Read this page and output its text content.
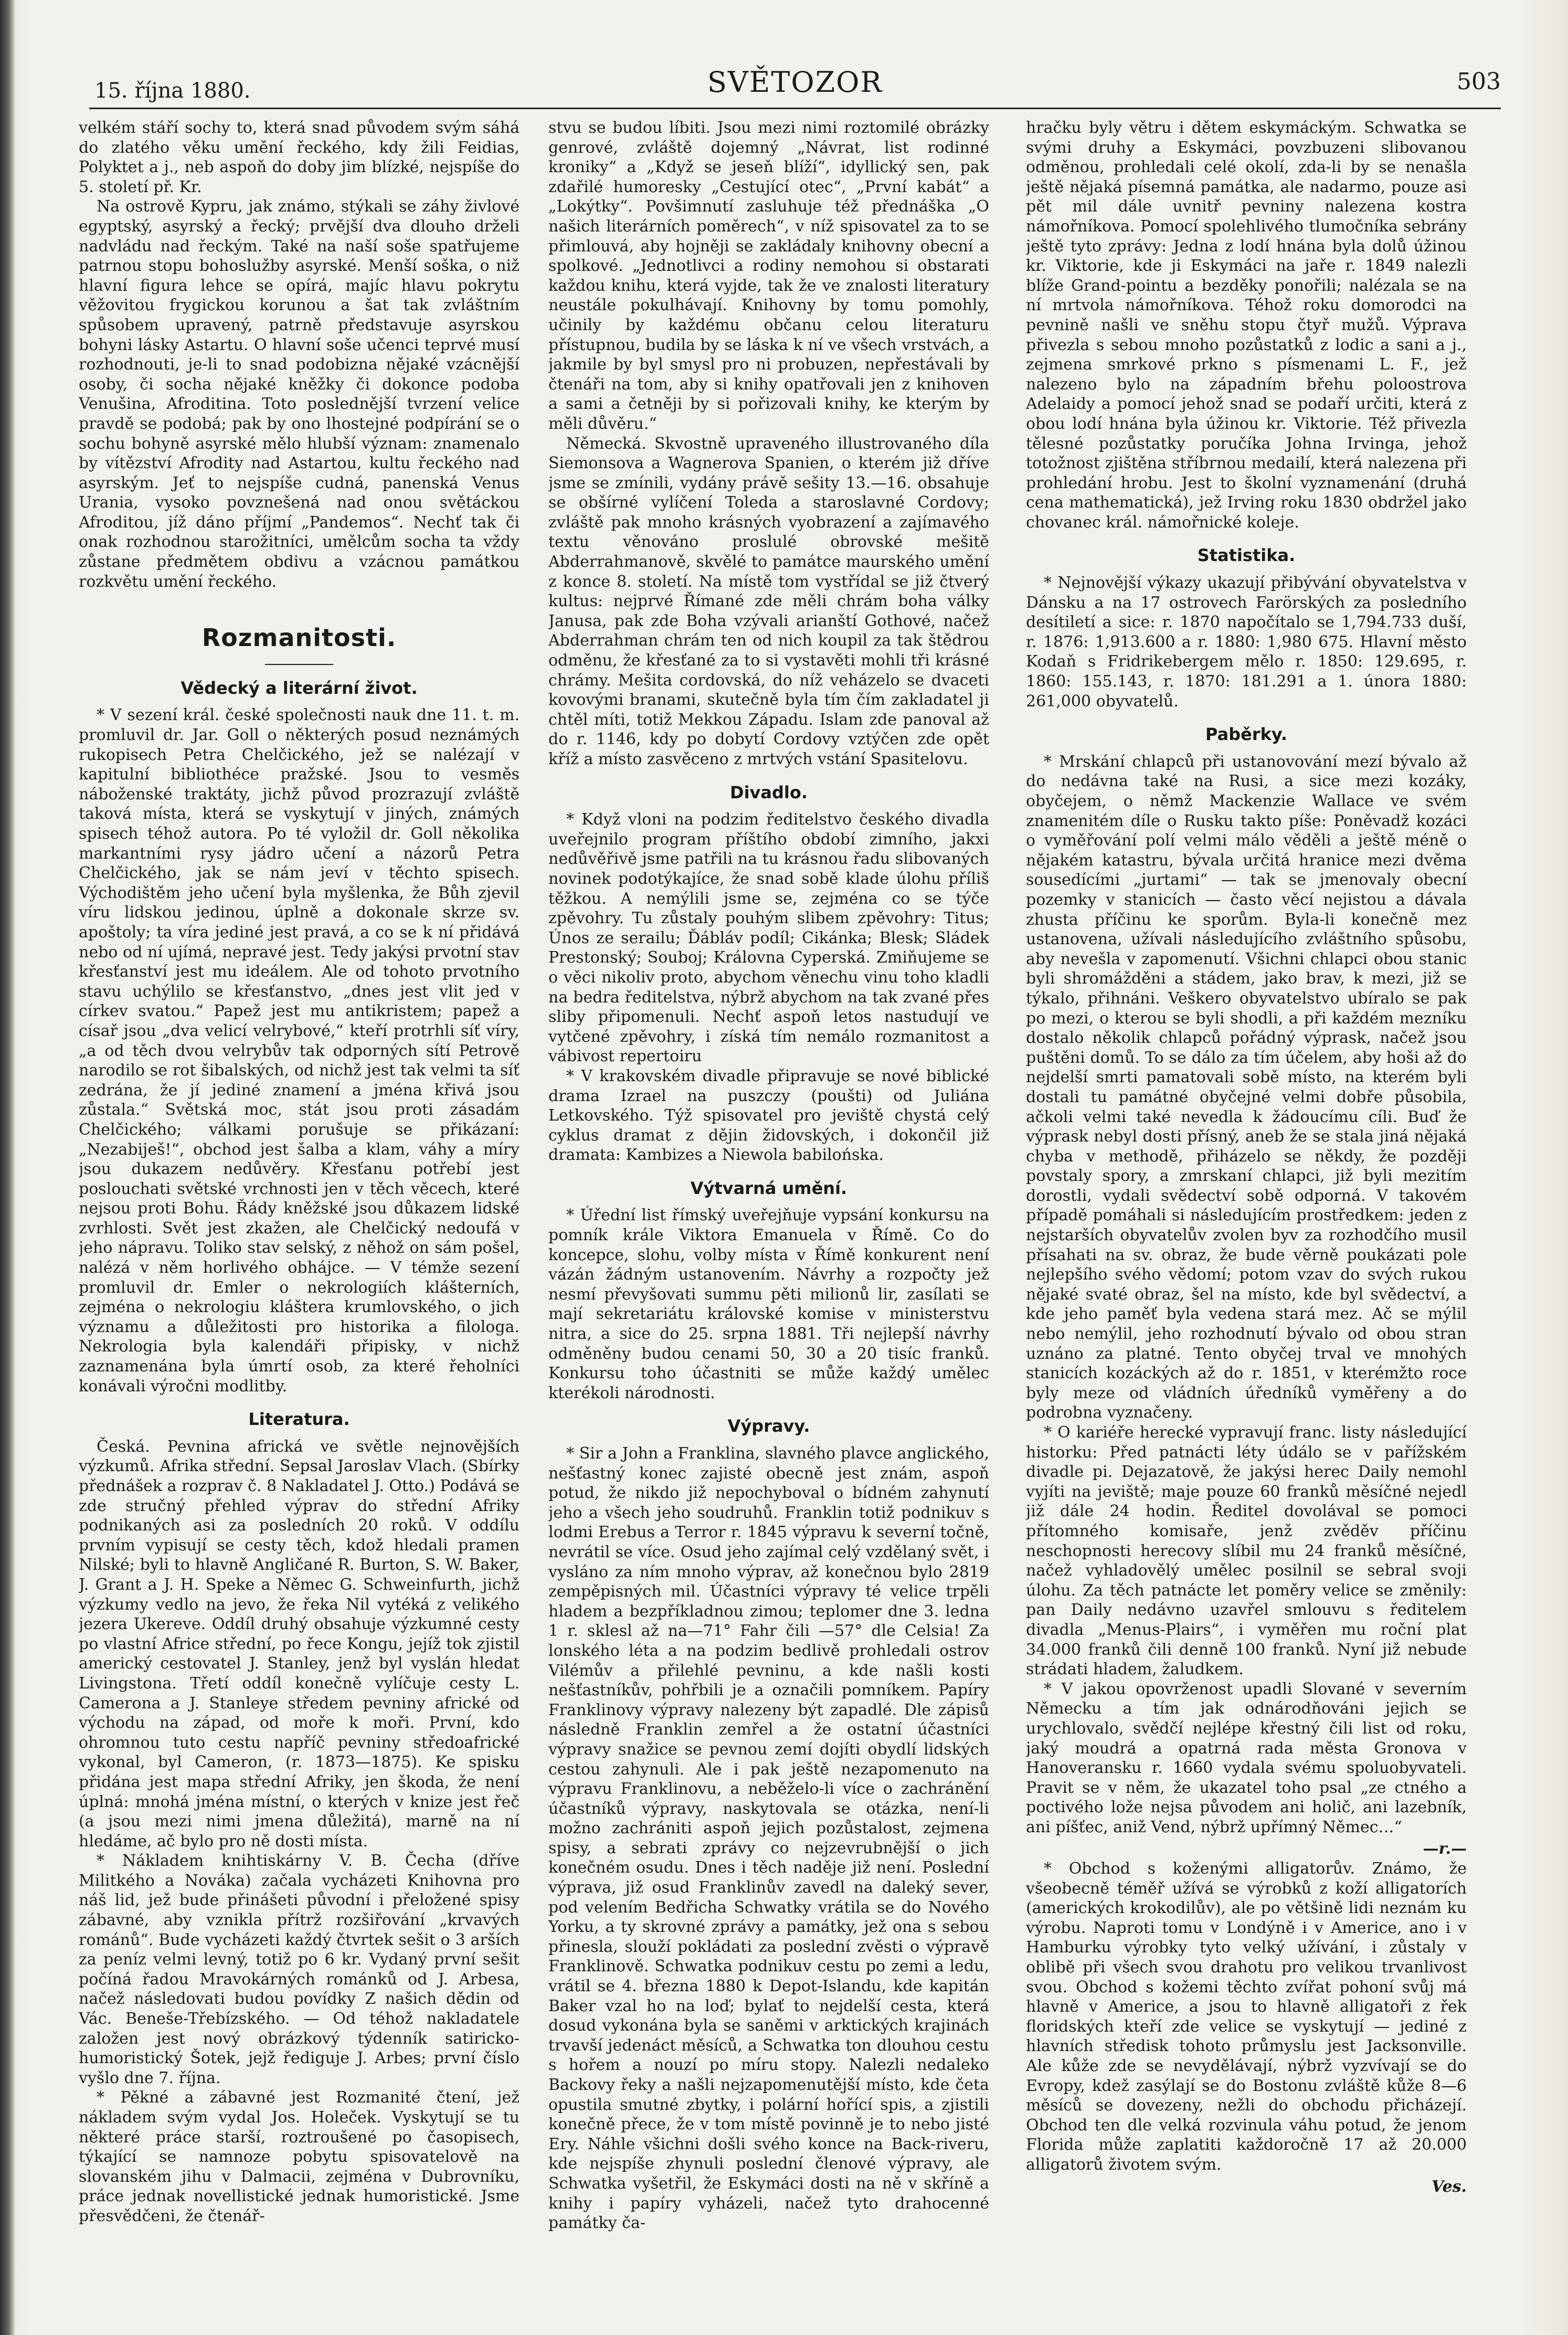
15. října 1880.	SVĚTOZOR	503

velkém stáří sochy to, která snad původem svým sáhá do zlatého věku umění řeckého, kdy žili Feidias, Polyktet a j., neb aspoň do doby jim blízké, nejspíše do 5. století př. Kr.

Na ostrově Kypru, jak známo, stýkali se záhy živlové egyptský, asyrský a řecký; prvější dva dlouho drželi nadvládu nad řeckým. Také na naší soše spatřujeme patrnou stopu bohoslužby asyrské. Menší soška, o niž hlavní figura lehce se opírá, majíc hlavu pokrytu věžovitou frygickou korunou a šat tak zvláštním spůsobem upravený, patrně představuje asyrskou bohyni lásky Astartu. O hlavní soše učenci teprvé musí rozhodnouti, je-li to snad podobizna nějaké vzácnější osoby, či socha nějaké kněžky či dokonce podoba Venušina, Afroditina. Toto poslednější tvrzení velice pravdě se podobá; pak by ono lhostejné podpírání se o sochu bohyně asyrské mělo hlubší význam: znamenalo by vítězství Afrodity nad Astartou, kultu řeckého nad asyrským. Jeť to nejspíše cudná, panenská Venus Urania, vysoko povznešená nad onou světáckou Afroditou, jíž dáno příjmí „Pandemos“. Nechť tak či onak rozhodnou starožitníci, umělcům socha ta vždy zůstane předmětem obdivu a vzácnou památkou rozkvětu umění řeckého.

Rozmanitosti.
Vědecký a literární život.

* V sezení král. české společnosti nauk dne 11. t. m. promluvil dr. Jar. Goll o některých posud neznámých rukopisech Petra Chelčického, jež se nalézají v kapitulní bibliothéce pražské. Jsou to vesměs náboženské traktáty, jichž původ prozrazují zvláště taková místa, která se vyskytují v jiných, známých spisech téhož autora. Po té vyložil dr. Goll několika markantními rysy jádro učení a názorů Petra Chelčického, jak se nám jeví v těchto spisech. Východištěm jeho učení byla myšlenka, že Bůh zjevil víru lidskou jedinou, úplně a dokonale skrze sv. apoštoly; ta víra jediné jest pravá, a co se k ní přidává nebo od ní ujímá, nepravé jest. Tedy jakýsi prvotní stav křesťanství jest mu ideálem. Ale od tohoto prvotního stavu uchýlilo se křesťanstvo, „dnes jest vlit jed v církev svatou.“ Papež jest mu antikristem; papež a císař jsou „dva velicí velrybové,“ kteří protrhli síť víry, „a od těch dvou velrybův tak odporných sítí Petrově narodilo se rot šibalských, od nichž jest tak velmi ta síť zedrána, že jí jediné znamení a jména křivá jsou zůstala.“ Světská moc, stát jsou proti zásadám Chelčického; válkami porušuje se přikázaní: „Nezabiješ!“, obchod jest šalba a klam, váhy a míry jsou dukazem nedůvěry. Křesťanu potřebí jest poslouchati světské vrchnosti jen v těch věcech, které nejsou proti Bohu. Řády kněžské jsou důkazem lidské zvrhlosti. Svět jest zkažen, ale Chelčický nedoufá v jeho nápravu. Toliko stav selský, z něhož on sám pošel, nalézá v něm horlivého obhájce. — V témže sezení promluvil dr. Emler o nekrologiích klášterních, zejména o nekrologiu kláštera krumlovského, o jich významu a důležitosti pro historika a filologa. Nekrologia byla kalendáři připisky, v nichž zaznamenána byla úmrtí osob, za které řeholníci konávali výročni modlitby.

Literatura.

Česká. Pevnina africká ve světle nejnovějších výzkumů. Afrika střední. Sepsal Jaroslav Vlach. (Sbírky přednášek a rozprav č. 8 Nakladatel J. Otto.) Podává se zde stručný přehled výprav do střední Afriky podnikaných asi za posledních 20 roků. V oddílu prvním vypisují se cesty těch, kdož hledali pramen Nilské; byli to hlavně Angličané R. Burton, S. W. Baker, J. Grant a J. H. Speke a Němec G. Schweinfurth, jichž výzkumy vedlo na jevo, že řeka Nil vytéká z velikého jezera Ukereve. Oddíl druhý obsahuje výzkumné cesty po vlastní Africe střední, po řece Kongu, jejíž tok zjistil americký cestovatel J. Stanley, jenž byl vyslán hledat Livingstona. Třetí oddíl konečně vylíčuje cesty L. Camerona a J. Stanleye středem pevniny africké od východu na západ, od moře k moři. První, kdo ohromnou tuto cestu napříč pevniny středoafrické vykonal, byl Cameron, (r. 1873—1875). Ke spisku přidána jest mapa střední Afriky, jen škoda, že není úplná: mnohá jména místní, o kterých v knize jest řeč (a jsou mezi nimi jmena důležitá), marně na ní hledáme, ač bylo pro ně dosti místa.

* Nákladem knihtiskárny V. B. Čecha (dříve Militkého a Nováka) začala vycházeti Knihovna pro náš lid, jež bude přinášeti původní i přeložené spisy zábavné, aby vznikla přítrž rozšiřování „krvavých románů“. Bude vycházeti každý čtvrtek sešit o 3 arších za peníz velmi levný, totiž po 6 kr. Vydaný první sešit počíná řadou Mravokárných románků od J. Arbesa, načež následovati budou povídky Z našich dědin od Vác. Beneše-Třebízského. — Od téhož nakladatele založen jest nový obrázkový týdenník satiricko-humoristický Šotek, jejž řediguje J. Arbes; první číslo vyšlo dne 7. října.

* Pěkné a zábavné jest Rozmanité čtení, jež nákladem svým vydal Jos. Holeček. Vyskytují se tu některé práce starší, roztroušené po časopisech, týkající se namnoze pobytu spisovatelově na slovanském jihu v Dalmacii, zejména v Dubrovníku, práce jednak novellistické jednak humoristické. Jsme přesvědčeni, že čtenář-

stvu se budou líbiti. Jsou mezi nimi roztomilé obrázky genrové, zvláště dojemný „Návrat, list rodinné kroniky“ a „Když se jeseň blíží“, idyllický sen, pak zdařilé humoresky „Cestující otec“, „První kabát“ a „Lokýtky“. Povšimnutí zasluhuje též přednáška „O našich literárních poměrech“, v níž spisovatel za to se přimlouvá, aby hojněji se zakládaly knihovny obecní a spolkové. „Jednotlivci a rodiny nemohou si obstarati každou knihu, která vyjde, tak že ve znalosti literatury neustále pokulhávají. Knihovny by tomu pomohly, učinily by každému občanu celou literaturu přístupnou, budila by se láska k ní ve všech vrstvách, a jakmile by byl smysl pro ni probuzen, nepřestávali by čtenáři na tom, aby si knihy opatřovali jen z knihoven a sami a četněji by si pořizovali knihy, ke kterým by měli důvěru.“

Německá. Skvostně upraveného illustrovaného díla Siemonsova a Wagnerova Spanien, o kterém již dříve jsme se zmínili, vydány právě sešity 13.—16. obsahuje se obšírné vylíčení Toleda a staroslavné Cordovy; zvláště pak mnoho krásných vyobrazení a zajímavého textu věnováno proslulé obrovské mešitě Abderrahmanově, skvělé to památce maurského umění z konce 8. století. Na místě tom vystřídal se již čtverý kultus: nejprvé Římané zde měli chrám boha války Janusa, pak zde Boha vzývali arianští Gothové, načež Abderrahman chrám ten od nich koupil za tak štědrou odměnu, že křesťané za to si vystavěti mohli tři krásné chrámy. Mešita cordovská, do níž veházelo se dvaceti kovovými branami, skutečně byla tím čím zakladatel ji chtěl míti, totiž Mekkou Západu. Islam zde panoval až do r. 1146, kdy po dobytí Cordovy vztýčen zde opět kříž a místo zasvěceno z mrtvých vstání Spasitelovu.

Divadlo.

* Když vloni na podzim ředitelstvo českého divadla uveřejnilo program příštího období zimního, jakxi nedůvěřivě jsme patřili na tu krásnou řadu slibovaných novinek podotýkajíce, že snad sobě klade úlohu příliš těžkou. A nemýlili jsme se, zejména co se týče zpěvohry. Tu zůstaly pouhým slibem zpěvohry: Titus; Únos ze serailu; Ďábláv podíl; Cikánka; Blesk; Sládek Prestonský; Souboj; Královna Cyperská. Zmiňujeme se o věci nikoliv proto, abychom věnechu vinu toho kladli na bedra ředitelstva, nýbrž abychom na tak zvané přes sliby připomenuli. Nechť aspoň letos nastudují ve vytčené zpěvohry, i získá tím nemálo rozmanitost a vábivost repertoiru

* V krakovském divadle připravuje se nové biblické drama Izrael na puszczy (poušti) od Juliána Letkovského. Týž spisovatel pro jeviště chystá celý cyklus dramat z dějin židovských, i dokončil již dramata: Kambizes a Niewola babilońska.

Výtvarná umění.

* Úřední list římský uveřejňuje vypsání konkursu na pomník krále Viktora Emanuela v Římě. Co do koncepce, slohu, volby místa v Římě konkurent není vázán žádným ustanovením. Návrhy a rozpočty jež nesmí převyšovati summu pěti milionů lir, zasílati se mají sekretariátu královské komise v ministerstvu nitra, a sice do 25. srpna 1881. Tři nejlepší návrhy odměněny budou cenami 50, 30 a 20 tisíc franků. Konkursu toho účastniti se může každý umělec kterékoli národnosti.

Výpravy.

* Sir a John a Franklina, slavného plavce anglického, nešťastný konec zajisté obecně jest znám, aspoň potud, že nikdo již nepochyboval o bídném zahynutí jeho a všech jeho soudruhů. Franklin totiž podnikuv s lodmi Erebus a Terror r. 1845 výpravu k severní točně, nevrátil se více. Osud jeho zajímal celý vzdělaný svět, i vysláno za ním mnoho výprav, až konečnou bylo 2819 zempěpisných mil. Účastníci výpravy té velice trpěli hladem a bezpříkladnou zimou; teplomer dne 3. ledna 1 r. sklesl až na—71° Fahr čili —57° dle Celsia! Za lonského léta a na podzim bedlivě prohledali ostrov Vilémův a přilehlé pevninu, a kde našli kosti nešťastníkův, pohřbili je a označili pomníkem. Papíry Franklinovy výpravy nalezeny být zapadlé. Dle zápisů následně Franklin zemřel a že ostatní účastníci výpravy snažice se pevnou zemí dojíti obydlí lidských cestou zahynuli. Ale i pak ještě nezapomenuto na výpravu Franklinovu, a neběželo-li více o zachránění účastníků výpravy, naskytovala se otázka, není-li možno zachrániti aspoň jejich pozůstalost, zejmena spisy, a sebrati zprávy co nejzevrubnější o jich konečném osudu. Dnes i těch naděje již není. Poslední výprava, již osud Franklinův zavedl na daleký sever, pod velením Bedřicha Schwatky vrátila se do Nového Yorku, a ty skrovné zprávy a památky, jež ona s sebou přinesla, slouží pokládati za poslední zvěsti o výpravě Franklinově. Schwatka podnikuv cestu po zemi a ledu, vrátil se 4. března 1880 k Depot-Islandu, kde kapitán Baker vzal ho na loď; bylať to nejdelší cesta, která dosud vykonána byla se saněmi v arktických krajinách trvavší jedenáct měsíců, a Schwatka ton dlouhou cestu s hořem a nouzí po míru stopy. Nalezli nedaleko Backovy řeky a našli nejzapomenutější místo, kde četa opustila smutné zbytky, i polární hořící spis, a zjistili konečně přece, že v tom místě povinně je to nebo jisté Ery. Náhle všichni došli svého konce na Back-riveru, kde nejspíše zhynuli poslední členové výpravy, ale Schwatka vyšetřil, že Eskymáci dosti na ně v skříně a knihy i papíry vyházeli, načež tyto drahocenné památky ča-

hračku byly větru i dětem eskymáckým. Schwatka se svými druhy a Eskymáci, povzbuzeni slibovanou odměnou, prohledali celé okolí, zda-li by se nenašla ještě nějaká písemná památka, ale nadarmo, pouze asi pět mil dále uvnitř pevniny nalezena kostra námořníkova. Pomocí spolehlivého tlumočníka sebrány ještě tyto zprávy: Jedna z lodí hnána byla dolů úžinou kr. Viktorie, kde ji Eskymáci na jaře r. 1849 nalezli blíže Grand-pointu a bezděky ponořili; nalézala se na ní mrtvola námořníkova. Téhož roku domorodci na pevnině našli ve sněhu stopu čtyř mužů. Výprava přivezla s sebou mnoho pozůstatků z lodic a sani a j., zejmena smrkové prkno s písmenami L. F., jež nalezeno bylo na západním břehu poloostrova Adelaidy a pomocí jehož snad se podaří určiti, která z obou lodí hnána byla úžinou kr. Viktorie. Též přivezla tělesné pozůstatky poručíka Johna Irvinga, jehož totožnost zjištěna stříbrnou medailí, která nalezena při prohledání hrobu. Jest to školní vyznamenání (druhá cena mathematická), jež Irving roku 1830 obdržel jako chovanec král. námořnické koleje.

Statistika.

* Nejnovější výkazy ukazují přibývání obyvatelstva v Dánsku a na 17 ostrovech Farörských za posledního desítiletí a sice: r. 1870 napočítalo se 1,794.733 duší, r. 1876: 1,913.600 a r. 1880: 1,980 675. Hlavní město Kodaň s Fridrikebergem mělo r. 1850: 129.695, r. 1860: 155.143, r. 1870: 181.291 a 1. února 1880: 261,000 obyvatelů.

Paběrky.

* Mrskání chlapců při ustanovování mezí bývalo až do nedávna také na Rusi, a sice mezi kozáky, obyčejem, o němž Mackenzie Wallace ve svém znamenitém díle o Rusku takto píše: Poněvadž kozáci o vyměřování polí velmi málo věděli a ještě méně o nějakém katastru, bývala určitá hranice mezi dvěma sousedícími „jurtami“ — tak se jmenovaly obecní pozemky v stanicích — často věcí nejistou a dávala zhusta příčinu ke sporům. Byla-li konečně mez ustanovena, užívali následujícího zvláštního spůsobu, aby nevešla v zapomenutí. Všichni chlapci obou stanic byli shromážděni a stádem, jako brav, k mezi, již se týkalo, přihnáni. Veškero obyvatelstvo ubíralo se pak po mezi, o kterou se byli shodli, a při každém mezníku dostalo několik chlapců pořádný výprask, načež jsou puštěni domů. To se dálo za tím účelem, aby hoši až do nejdelší smrti pamatovali sobě místo, na kterém byli dostali tu památné obyčejné velmi dobře působila, ačkoli velmi také nevedla k žádoucímu cíli. Buď že výprask nebyl dosti přísný, aneb že se stala jiná nějaká chyba v methodě, přiházelo se někdy, že později povstaly spory, a zmrskaní chlapci, již byli mezitím dorostli, vydali svědectví sobě odporná. V takovém případě pomáhali si následujícím prostředkem: jeden z nejstarších obyvatelův zvolen byv za rozhodčího musil přísahati na sv. obraz, že bude věrně poukázati pole nejlepšího svého vědomí; potom vzav do svých rukou nějaké svaté obraz, šel na místo, kde byl svědectví, a kde jeho paměť byla vedena stará mez. Ač se mýlil nebo nemýlil, jeho rozhodnutí bývalo od obou stran uznáno za platné. Tento obyčej trval ve mnohých stanicích kozáckých až do r. 1851, v kterémžto roce byly meze od vládních úředníků vyměřeny a do podrobna vyznačeny.

* O kariéře herecké vypravují franc. listy následující historku: Před patnácti léty údálo se v pařížském divadle pi. Dejazatově, že jakýsi herec Daily nemohl vyjíti na jeviště; maje pouze 60 franků měsíčné nejedl již dále 24 hodin. Ředitel dovolával se pomoci přítomného komisaře, jenž zvěděv příčinu neschopnosti herecovy slíbil mu 24 franků měsíčné, načež vyhladovělý umělec posilnil se sebral svoji úlohu. Za těch patnácte let poměry velice se změnily: pan Daily nedávno uzavřel smlouvu s ředitelem divadla „Menus-Plairs“, i vyměřen mu roční plat 34.000 franků čili denně 100 franků. Nyní již nebude strádati hladem, žaludkem.

* V jakou opovrženost upadli Slované v severním Německu a tím jak odnárodňováni jejich se urychlovalo, svědčí nejlépe křestný čili list od roku, jaký moudrá a opatrná rada města Gronova v Hanoveransku r. 1660 vydala svému spoluobyvateli. Pravit se v něm, že ukazatel toho psal „ze ctného a poctivého lože nejsa původem ani holič, ani lazebník, ani píšťec, aniž Vend, nýbrž upřímný Němec…“

—r.—

* Obchod s koženými alligatorův. Známo, že všeobecně téměř užívá se výrobků z koží alligatorích (amerických krokodilův), ale po většině lidi neznám ku výrobu. Naproti tomu v Londýně i v Americe, ano i v Hamburku výrobky tyto velký užívání, i zůstaly v oblibě při všech svou drahotu pro velikou trvanlivost svou. Obchod s kožemi těchto zvířat pohoní svůj má hlavně v Americe, a jsou to hlavně alligatoři z řek floridských kteří zde velice se vyskytují — jediné z hlavních středisk tohoto průmyslu jest Jacksonville. Ale kůže zde se nevydělávají, nýbrž vyzvívají se do Evropy, kdež zasýlají se do Bostonu zvláště kůže 8—6 měsíců se dovezeny, nežli do obchodu přicházejí. Obchod ten dle velká rozvinula váhu potud, že jenom Florida může zaplatiti každoročně 17 až 20.000 alligatorů životem svým.

Ves.
